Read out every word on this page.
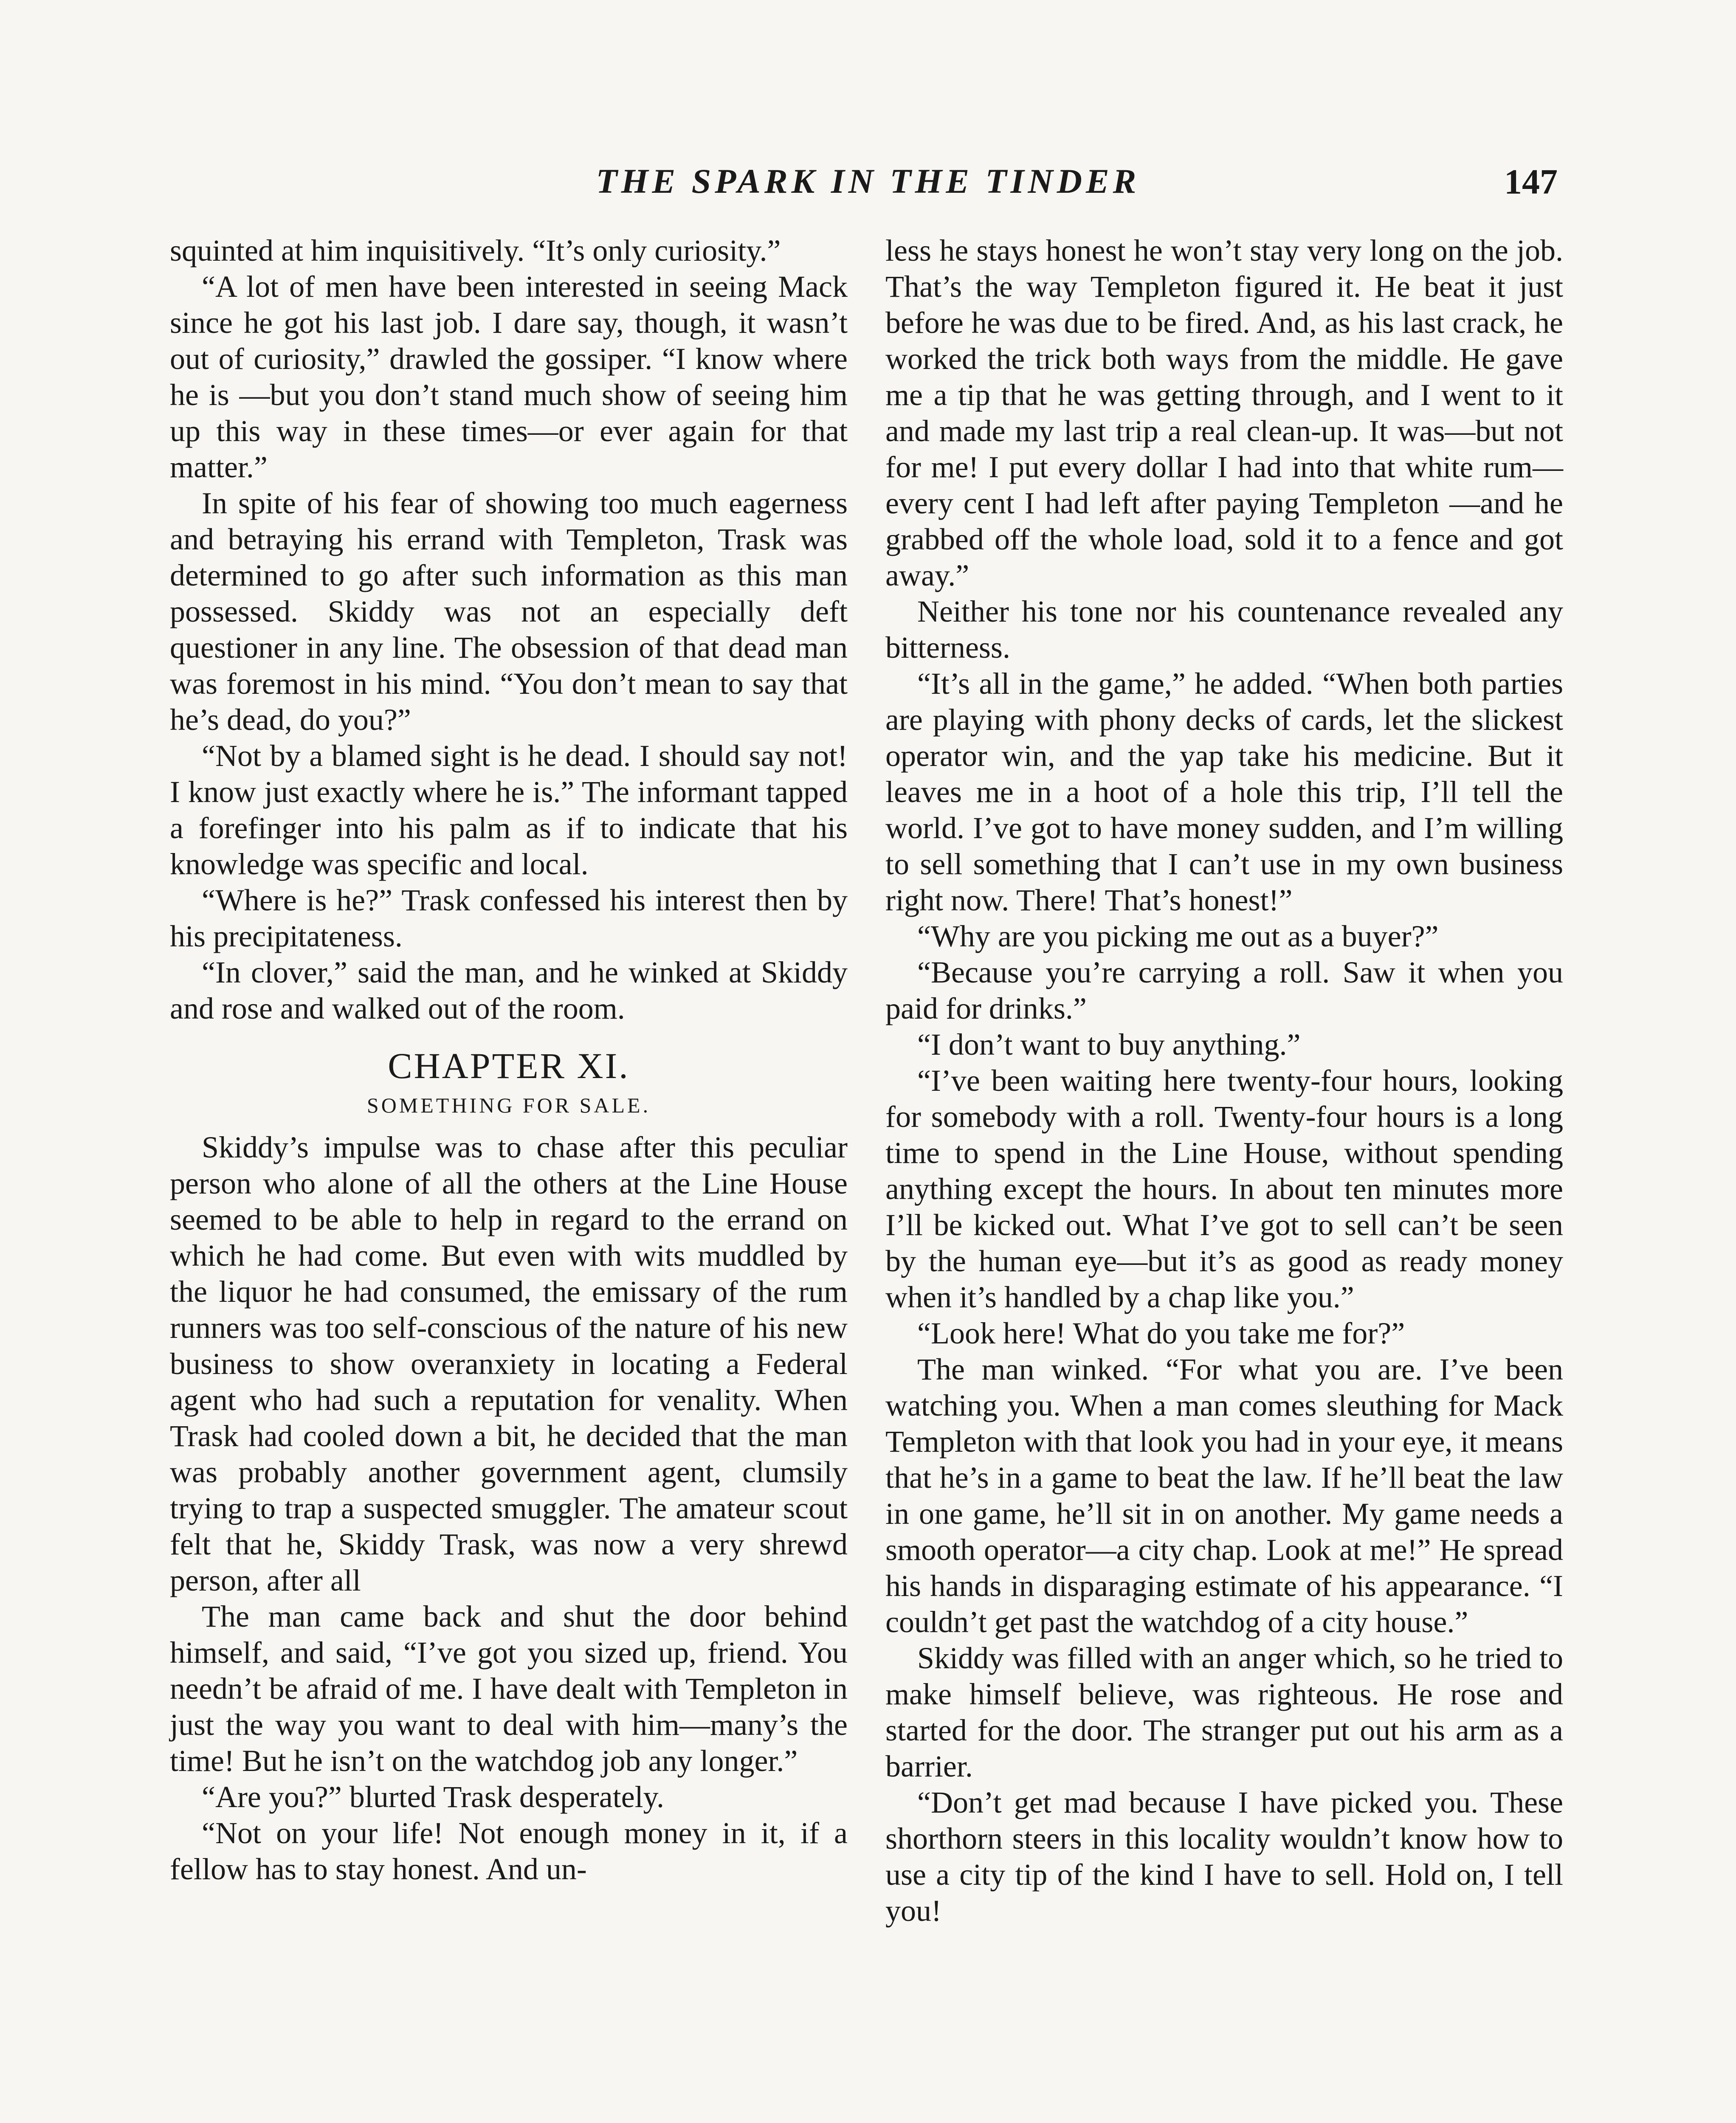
THE SPARK IN THE TINDER	147

squinted at him inquisitively. “It’s only curiosity.”

“A lot of men have been interested in seeing Mack since he got his last job. I dare say, though, it wasn’t out of curiosity,” drawled the gossiper. “I know where he is —but you don’t stand much show of seeing him up this way in these times—or ever again for that matter.”

In spite of his fear of showing too much eagerness and betraying his errand with Templeton, Trask was determined to go after such information as this man possessed. Skiddy was not an especially deft questioner in any line. The obsession of that dead man was foremost in his mind. “You don’t mean to say that he’s dead, do you?”

“Not by a blamed sight is he dead. I should say not! I know just exactly where he is.” The informant tapped a forefinger into his palm as if to indicate that his knowledge was specific and local.

“Where is he?” Trask confessed his interest then by his precipitateness.

“In clover,” said the man, and he winked at Skiddy and rose and walked out of the room.

CHAPTER XI.
SOMETHING FOR SALE.

Skiddy’s impulse was to chase after this peculiar person who alone of all the others at the Line House seemed to be able to help in regard to the errand on which he had come. But even with wits muddled by the liquor he had consumed, the emissary of the rum runners was too self-conscious of the nature of his new business to show overanxiety in locating a Federal agent who had such a reputation for venality. When Trask had cooled down a bit, he decided that the man was probably another government agent, clumsily trying to trap a suspected smuggler. The amateur scout felt that he, Skiddy Trask, was now a very shrewd person, after all

The man came back and shut the door behind himself, and said, “I’ve got you sized up, friend. You needn’t be afraid of me. I have dealt with Templeton in just the way you want to deal with him—many’s the time! But he isn’t on the watchdog job any longer.”

“Are you?” blurted Trask desperately.

“Not on your life! Not enough money in it, if a fellow has to stay honest. And un-

less he stays honest he won’t stay very long on the job. That’s the way Templeton figured it. He beat it just before he was due to be fired. And, as his last crack, he worked the trick both ways from the middle. He gave me a tip that he was getting through, and I went to it and made my last trip a real clean-up. It was—but not for me! I put every dollar I had into that white rum—every cent I had left after paying Templeton —and he grabbed off the whole load, sold it to a fence and got away.”

Neither his tone nor his countenance revealed any bitterness.

“It’s all in the game,” he added. “When both parties are playing with phony decks of cards, let the slickest operator win, and the yap take his medicine. But it leaves me in a hoot of a hole this trip, I’ll tell the world. I’ve got to have money sudden, and I’m willing to sell something that I can’t use in my own business right now. There! That’s honest!”

“Why are you picking me out as a buyer?”

“Because you’re carrying a roll. Saw it when you paid for drinks.”

“I don’t want to buy anything.”

“I’ve been waiting here twenty-four hours, looking for somebody with a roll. Twenty-four hours is a long time to spend in the Line House, without spending anything except the hours. In about ten minutes more I’ll be kicked out. What I’ve got to sell can’t be seen by the human eye—but it’s as good as ready money when it’s handled by a chap like you.”

“Look here! What do you take me for?”

The man winked. “For what you are. I’ve been watching you. When a man comes sleuthing for Mack Templeton with that look you had in your eye, it means that he’s in a game to beat the law. If he’ll beat the law in one game, he’ll sit in on another. My game needs a smooth operator—a city chap. Look at me!” He spread his hands in disparaging estimate of his appearance. “I couldn’t get past the watchdog of a city house.”

Skiddy was filled with an anger which, so he tried to make himself believe, was righteous. He rose and started for the door. The stranger put out his arm as a barrier.

“Don’t get mad because I have picked you. These shorthorn steers in this locality wouldn’t know how to use a city tip of the kind I have to sell. Hold on, I tell you!
